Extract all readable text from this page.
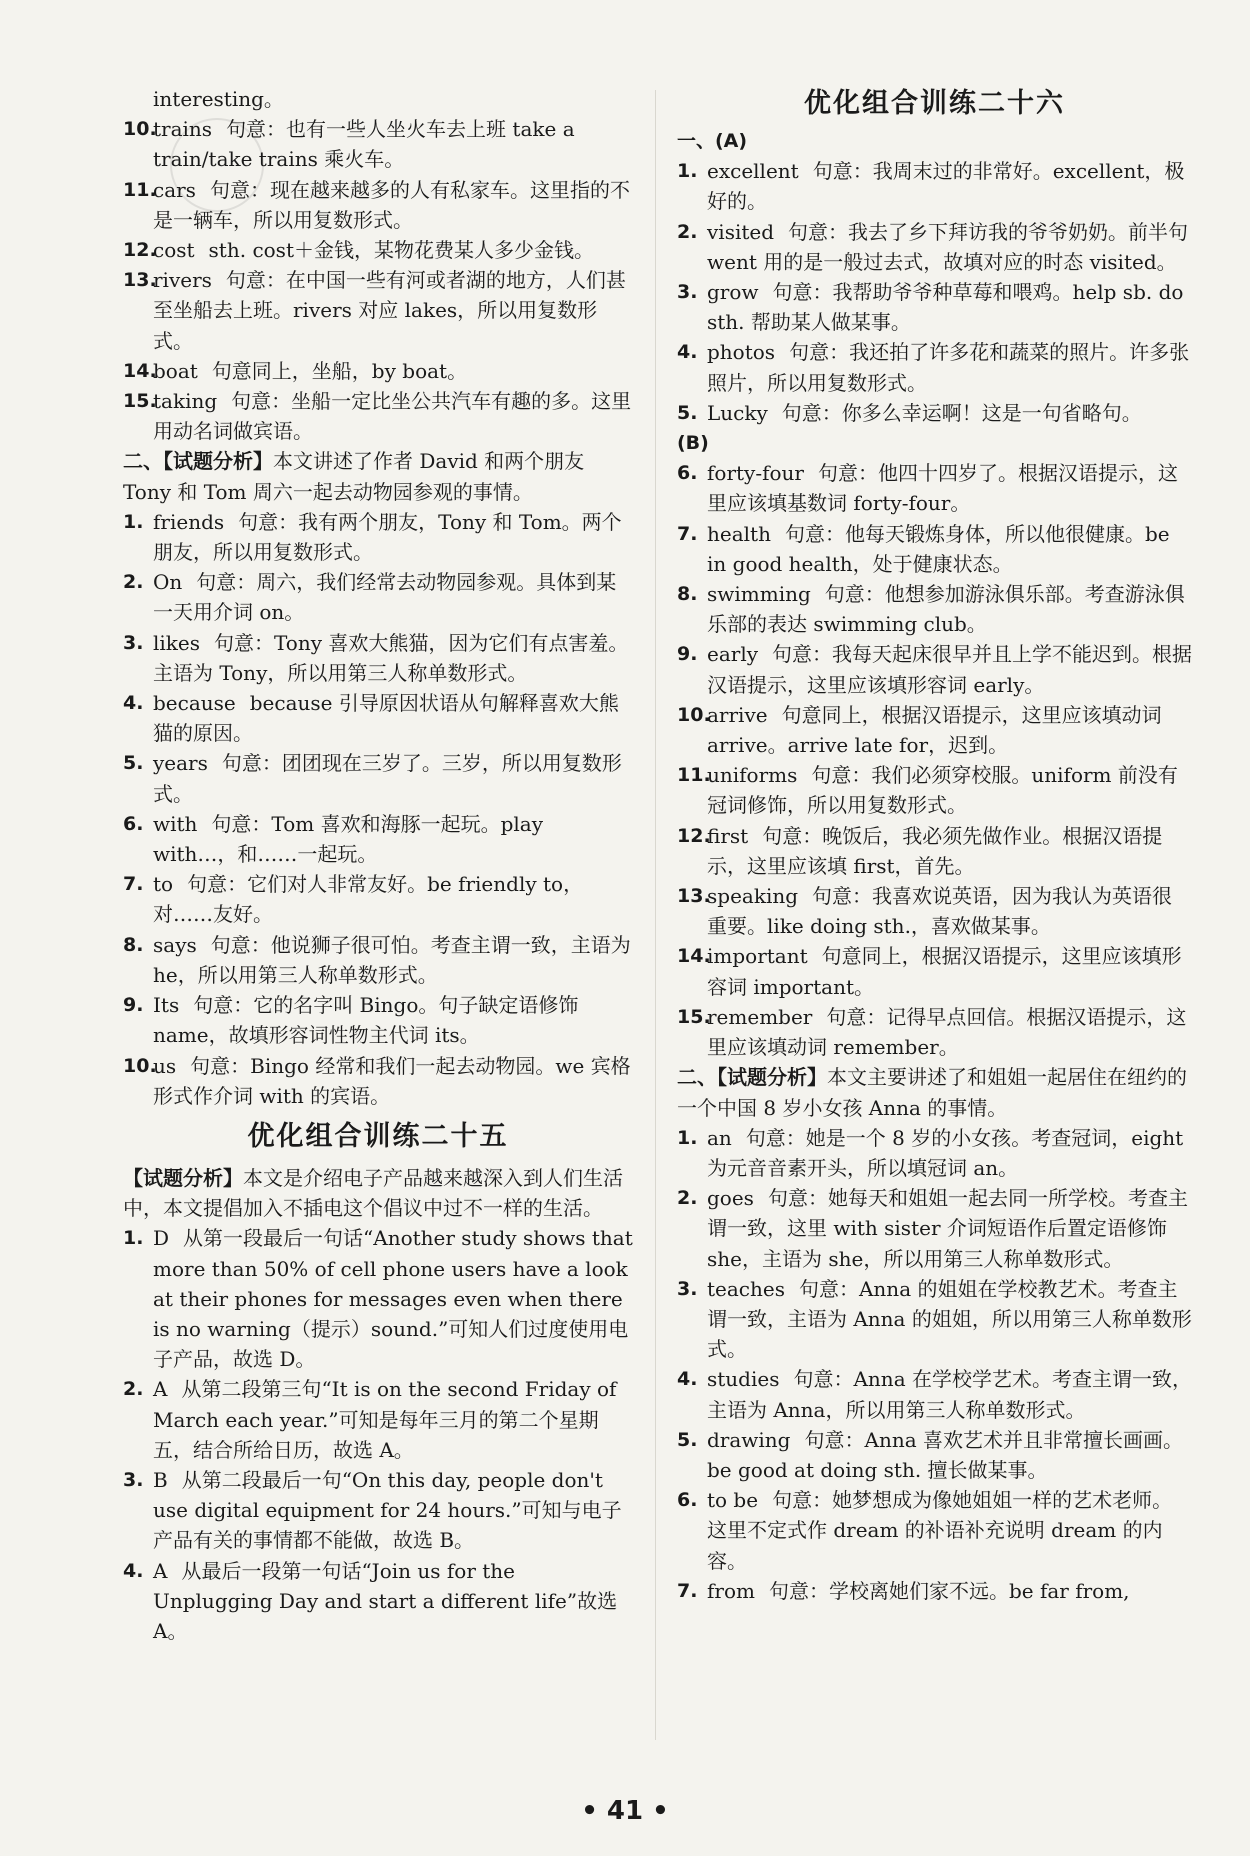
interesting。

10.
trains 句意：也有一些人坐火车去上班 take a train/take trains 乘火车。

11.
cars 句意：现在越来越多的人有私家车。这里指的不是一辆车，所以用复数形式。

12.
cost sth. cost＋金钱，某物花费某人多少金钱。

13.
rivers 句意：在中国一些有河或者湖的地方，人们甚至坐船去上班。rivers 对应 lakes，所以用复数形式。

14.
boat 句意同上，坐船，by boat。

15.
taking 句意：坐船一定比坐公共汽车有趣的多。这里用动名词做宾语。

二、【试题分析】本文讲述了作者 David 和两个朋友 Tony 和 Tom 周六一起去动物园参观的事情。

1. friends 句意：我有两个朋友，Tony 和 Tom。两个朋友，所以用复数形式。

2. On 句意：周六，我们经常去动物园参观。具体到某一天用介词 on。

3. likes 句意：Tony 喜欢大熊猫，因为它们有点害羞。主语为 Tony，所以用第三人称单数形式。

4. because because 引导原因状语从句解释喜欢大熊猫的原因。

5. years 句意：团团现在三岁了。三岁，所以用复数形式。

6. with 句意：Tom 喜欢和海豚一起玩。play with…，和……一起玩。

7. to 句意：它们对人非常友好。be friendly to，对……友好。

8. says 句意：他说狮子很可怕。考查主谓一致，主语为 he，所以用第三人称单数形式。

9. Its 句意：它的名字叫 Bingo。句子缺定语修饰 name，故填形容词性物主代词 its。

10.
us 句意：Bingo 经常和我们一起去动物园。we 宾格形式作介词 with 的宾语。

优化组合训练二十五

【试题分析】本文是介绍电子产品越来越深入到人们生活中，本文提倡加入不插电这个倡议中过不一样的生活。

1. D 从第一段最后一句话“Another study shows that more than 50% of cell phone users have a look at their phones for messages even when there is no warning（提示）sound.”可知人们过度使用电子产品，故选 D。

2. A 从第二段第三句“It is on the second Friday of March each year.”可知是每年三月的第二个星期五，结合所给日历，故选 A。

3. B 从第二段最后一句“On this day, people don't use digital equipment for 24 hours.”可知与电子产品有关的事情都不能做，故选 B。

4. A 从最后一段第一句话“Join us for the Unplugging Day and start a different life”故选 A。

优化组合训练二十六

一、(A)

1. excellent 句意：我周末过的非常好。excellent，极好的。

2. visited 句意：我去了乡下拜访我的爷爷奶奶。前半句 went 用的是一般过去式，故填对应的时态 visited。

3. grow 句意：我帮助爷爷种草莓和喂鸡。help sb. do sth. 帮助某人做某事。

4. photos 句意：我还拍了许多花和蔬菜的照片。许多张照片，所以用复数形式。

5. Lucky 句意：你多么幸运啊！这是一句省略句。

(B)

6. forty-four 句意：他四十四岁了。根据汉语提示，这里应该填基数词 forty-four。

7. health 句意：他每天锻炼身体，所以他很健康。be in good health，处于健康状态。

8. swimming 句意：他想参加游泳俱乐部。考查游泳俱乐部的表达 swimming club。

9. early 句意：我每天起床很早并且上学不能迟到。根据汉语提示，这里应该填形容词 early。

10.
arrive 句意同上，根据汉语提示，这里应该填动词 arrive。arrive late for，迟到。

11.
uniforms 句意：我们必须穿校服。uniform 前没有冠词修饰，所以用复数形式。

12.
first 句意：晚饭后，我必须先做作业。根据汉语提示，这里应该填 first，首先。

13.
speaking 句意：我喜欢说英语，因为我认为英语很重要。like doing sth.，喜欢做某事。

14.
important 句意同上，根据汉语提示，这里应该填形容词 important。

15.
remember 句意：记得早点回信。根据汉语提示，这里应该填动词 remember。

二、【试题分析】本文主要讲述了和姐姐一起居住在纽约的一个中国 8 岁小女孩 Anna 的事情。

1. an 句意：她是一个 8 岁的小女孩。考查冠词，eight 为元音音素开头，所以填冠词 an。

2. goes 句意：她每天和姐姐一起去同一所学校。考查主谓一致，这里 with sister 介词短语作后置定语修饰 she，主语为 she，所以用第三人称单数形式。

3. teaches 句意：Anna 的姐姐在学校教艺术。考查主谓一致，主语为 Anna 的姐姐，所以用第三人称单数形式。

4. studies 句意：Anna 在学校学艺术。考查主谓一致，主语为 Anna，所以用第三人称单数形式。

5. drawing 句意：Anna 喜欢艺术并且非常擅长画画。be good at doing sth. 擅长做某事。

6. to be 句意：她梦想成为像她姐姐一样的艺术老师。这里不定式作 dream 的补语补充说明 dream 的内容。

7. from 句意：学校离她们家不远。be far from,

• 41 •
